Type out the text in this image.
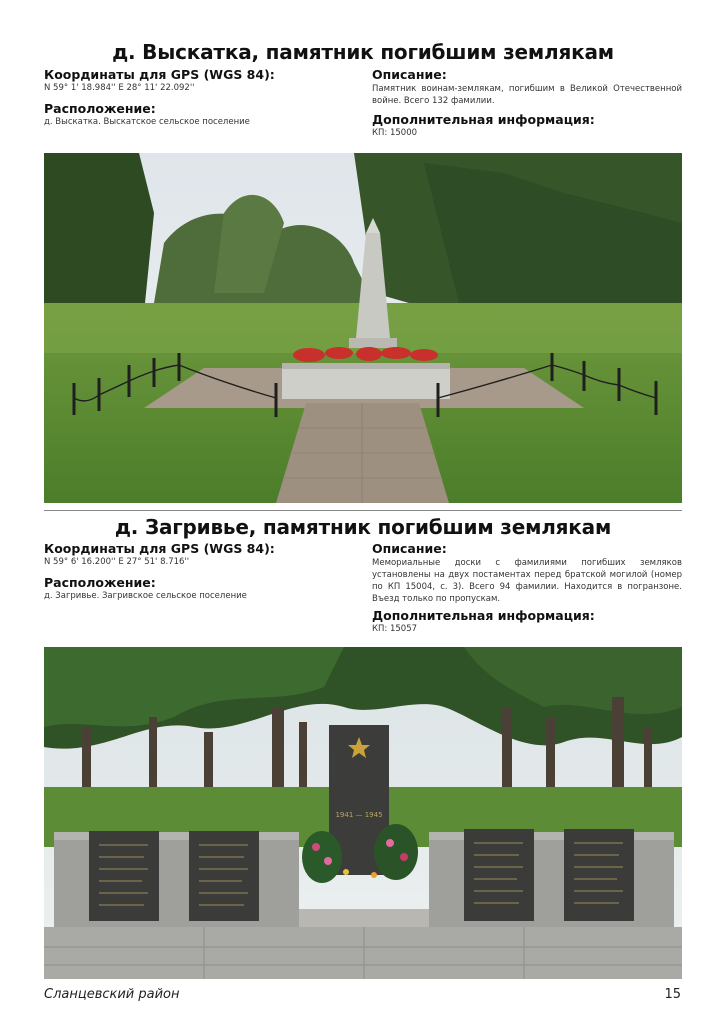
д. Выскатка, памятник погибшим землякам
Координаты для GPS (WGS 84):
N 59° 1' 18.984'' E 28° 11' 22.092''
Расположение:
д. Выскатка. Выскатское сельское поселение
Описание:
Памятник воинам-землякам, погибшим в Великой Отечественной войне. Всего 132 фамилии.
Дополнительная информация:
КП: 15000
д. Загривье, памятник погибшим землякам
Координаты для GPS (WGS 84):
N 59° 6' 16.200'' E 27° 51' 8.716''
Расположение:
д. Загривье. Загривское сельское поселение
Описание:
Мемориальные доски с фамилиями погибших земляков установлены на двух постаментах перед братской могилой (номер по КП 15004, с. 3). Всего 94 фамилии. Находится в погранзоне. Въезд только по пропускам.
Дополнительная информация:
КП: 15057
1941 — 1945
Сланцевский район	15
